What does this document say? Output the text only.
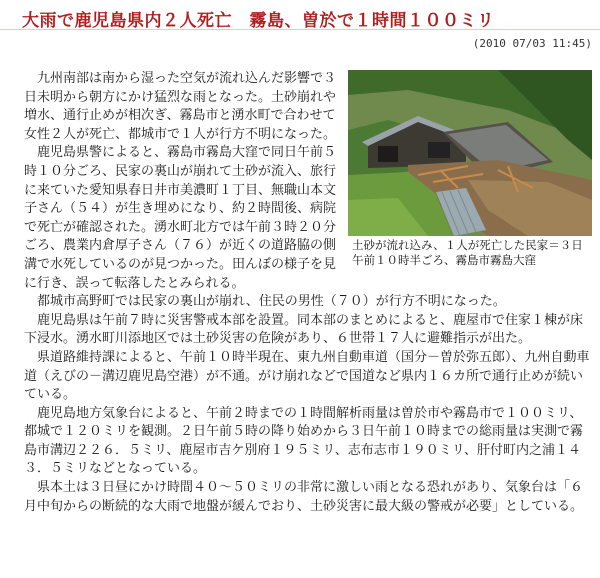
大雨で鹿児島県内２人死亡　霧島、曽於で１時間１００ミリ
(2010 07/03 11:45)
土砂が流れ込み、１人が死亡した民家＝３日午前１０時半ごろ、霧島市霧島大窪

九州南部は南から湿った空気が流れ込んだ影響で３日未明から朝方にかけ猛烈な雨となった。土砂崩れや増水、通行止めが相次ぎ、霧島市と湧水町で合わせて女性２人が死亡、都城市で１人が行方不明になった。

鹿児島県警によると、霧島市霧島大窪で同日午前５時１０分ごろ、民家の裏山が崩れて土砂が流入、旅行に来ていた愛知県春日井市美濃町１丁目、無職山本文子さん（５４）が生き埋めになり、約２時間後、病院で死亡が確認された。湧水町北方では午前３時２０分ごろ、農業内倉厚子さん（７６）が近くの道路脇の側溝で水死しているのが見つかった。田んぼの様子を見に行き、誤って転落したとみられる。

都城市高野町では民家の裏山が崩れ、住民の男性（７０）が行方不明になった。

鹿児島県は午前７時に災害警戒本部を設置。同本部のまとめによると、鹿屋市で住家１棟が床下浸水。湧水町川添地区では土砂災害の危険があり、６世帯１７人に避難指示が出た。

県道路維持課によると、午前１０時半現在、東九州自動車道（国分－曽於弥五郎）、九州自動車道（えびの－溝辺鹿児島空港）が不通。がけ崩れなどで国道など県内１６カ所で通行止めが続いている。

鹿児島地方気象台によると、午前２時までの１時間解析雨量は曽於市や霧島市で１００ミリ、都城で１２０ミリを観測。２日午前５時の降り始めから３日午前１０時までの総雨量は実測で霧島市溝辺２２６．５ミリ、鹿屋市吉ケ別府１９５ミリ、志布志市１９０ミリ、肝付町内之浦１４３．５ミリなどとなっている。

県本土は３日昼にかけ時間４０～５０ミリの非常に激しい雨となる恐れがあり、気象台は「６月中旬からの断続的な大雨で地盤が緩んでおり、土砂災害に最大級の警戒が必要」としている。
